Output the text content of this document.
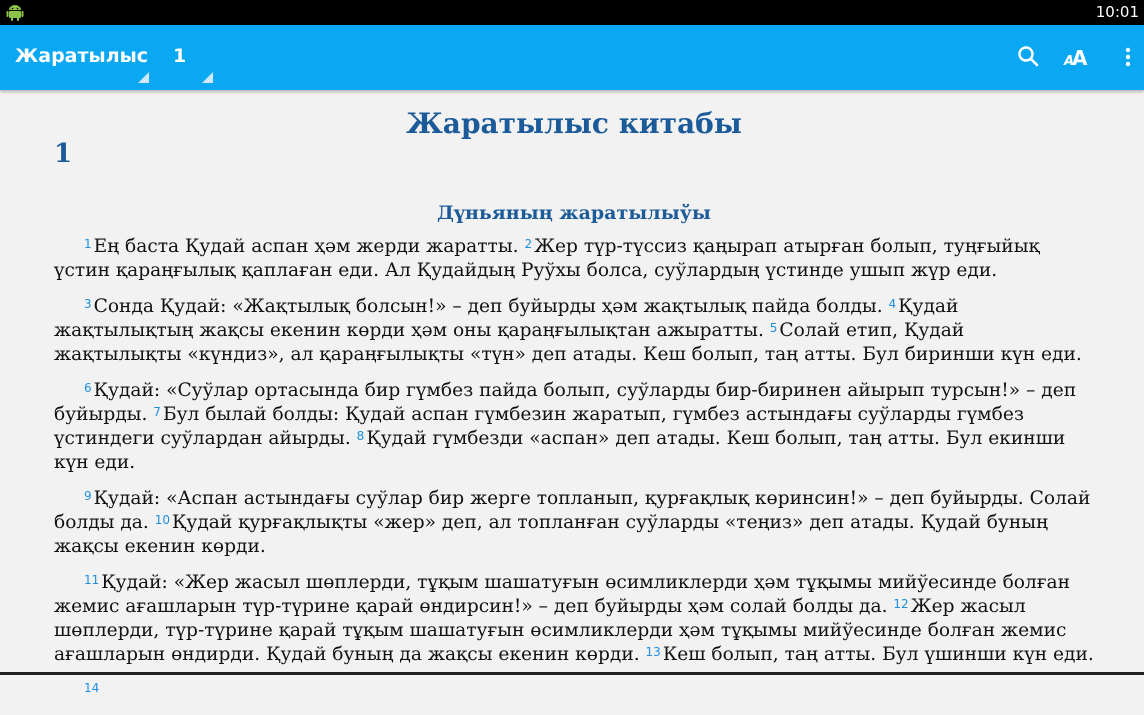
10:01
Жаратылыс 1	A
A
Жаратылыс китабы
1
Дүньяның жаратылыўы

$^1$ Ең баста Қудай аспан ҳәм жерди жаратты. $^2$ Жер түр-түссиз қаңырап атырған болып, туңғыйық үстин қараңғылық қаплаған еди. Ал Қудайдың Руўхы болса, суўлардың үстинде ушып жүр еди.

$^3$ Сонда Қудай: «Жақтылық болсын!» – деп буйырды ҳәм жақтылық пайда болды. $^4$ Қудай жақтылықтың жақсы екенин көрди ҳәм оны қараңғылықтан ажыратты. $^5$ Солай етип, Қудай жақтылықты «күндиз», ал қараңғылықты «түн» деп атады. Кеш болып, таң атты. Бул биринши күн еди.

$^6$ Қудай: «Суўлар ортасында бир гүмбез пайда болып, суўларды бир-биринен айырып турсын!» – деп буйырды. $^7$ Бул былай болды: Қудай аспан гүмбезин жаратып, гүмбез астындағы суўларды гүмбез үстиндеги суўлардан айырды. $^8$ Қудай гүмбезди «аспан» деп атады. Кеш болып, таң атты. Бул екинши күн еди.

$^9$ Қудай: «Аспан астындағы суўлар бир жерге топланып, қурғақлық көринсин!» – деп буйырды. Солай болды да. $^{10}$ Қудай қурғақлықты «жер» деп, ал топланған суўларды «теңиз» деп атады. Қудай буның жақсы екенин көрди.

$^{11}$ Қудай: «Жер жасыл шөплерди, тұқым шашатуғын өсимликлерди ҳәм тұқымы мийўесинде болған жемис ағашларын түр-түрине қарай өндирсин!» – деп буйырды ҳәм солай болды да. $^{12}$ Жер жасыл шөплерди, түр-түрине қарай тұқым шашатуғын өсимликлерди ҳәм тұқымы мийўесинде болған жемис ағашларын өндирди. Қудай буның да жақсы екенин көрди. $^{13}$ Кеш болып, таң атты. Бул үшинши күн еди.

$^{14}$
